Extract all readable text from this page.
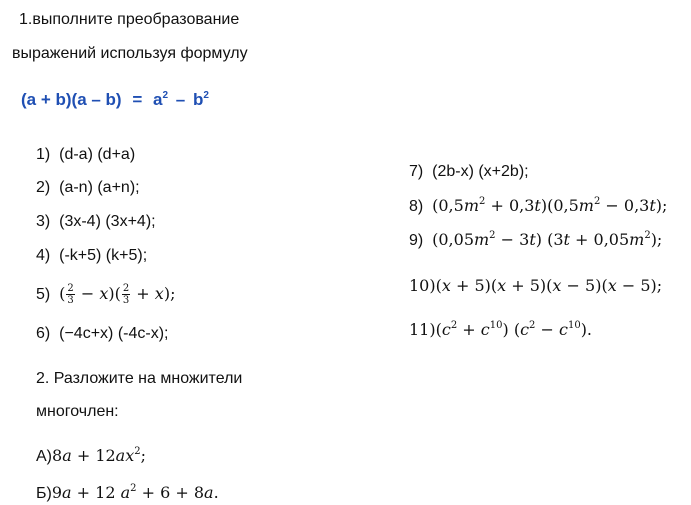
1.выполните преобразование
выражений используя формулу
$(a + b)(a - b) = a^2 - b^2$
1) (d-a) (d+a)
2) (a-n) (a+n);
3) (3x-4) (3x+4);
4) (-k+5) (k+5);
5) ( $\frac{2}{3} - x)( \frac{2}{3} + x)$;
6) (−4c+x) (-4c-x);
2. Разложите на множители
многочлен:
$А)8a + 12ax^2$;
Б)9a + 12 $a^2 + 6 + 8a$.
7) (2b-x) (x+2b);
8) $(0,5m^2 + 0,3t)(0,5m^2 - 0,3t)$;
9) $(0,05m^2 - 3t) (3t + 0,05m^2)$;
10)(x + 5)(x + 5)(x − 5)(x − 5);
$11)(c^2 + c^{10})$ $(c^2 - c^{10})$.
